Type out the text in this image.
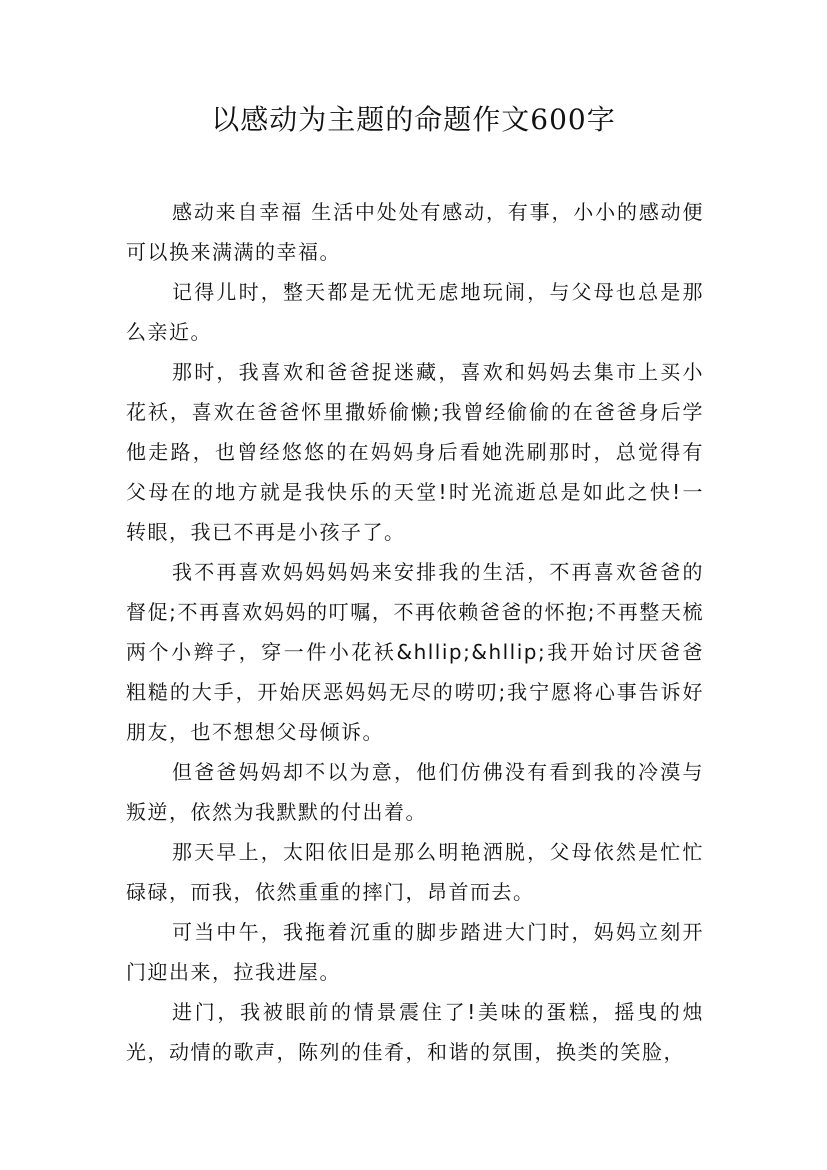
以感动为主题的命题作文600字

感动来自幸福 生活中处处有感动，有事，小小的感动便可以换来满满的幸福。

记得儿时，整天都是无忧无虑地玩闹，与父母也总是那么亲近。

那时，我喜欢和爸爸捉迷藏，喜欢和妈妈去集市上买小花袄，喜欢在爸爸怀里撒娇偷懒;我曾经偷偷的在爸爸身后学他走路，也曾经悠悠的在妈妈身后看她洗刷那时，总觉得有父母在的地方就是我快乐的天堂!时光流逝总是如此之快!一转眼，我已不再是小孩子了。

我不再喜欢妈妈妈妈来安排我的生活，不再喜欢爸爸的督促;不再喜欢妈妈的叮嘱，不再依赖爸爸的怀抱;不再整天梳两个小辫子，穿一件小花袄&hllip;&hllip;我开始讨厌爸爸粗糙的大手，开始厌恶妈妈无尽的唠叨;我宁愿将心事告诉好朋友，也不想想父母倾诉。

但爸爸妈妈却不以为意，他们仿佛没有看到我的冷漠与叛逆，依然为我默默的付出着。

那天早上，太阳依旧是那么明艳洒脱，父母依然是忙忙碌碌，而我，依然重重的摔门，昂首而去。

可当中午，我拖着沉重的脚步踏进大门时，妈妈立刻开门迎出来，拉我进屋。

进门，我被眼前的情景震住了!美味的蛋糕，摇曳的烛光，动情的歌声，陈列的佳肴，和谐的氛围，换类的笑脸，
